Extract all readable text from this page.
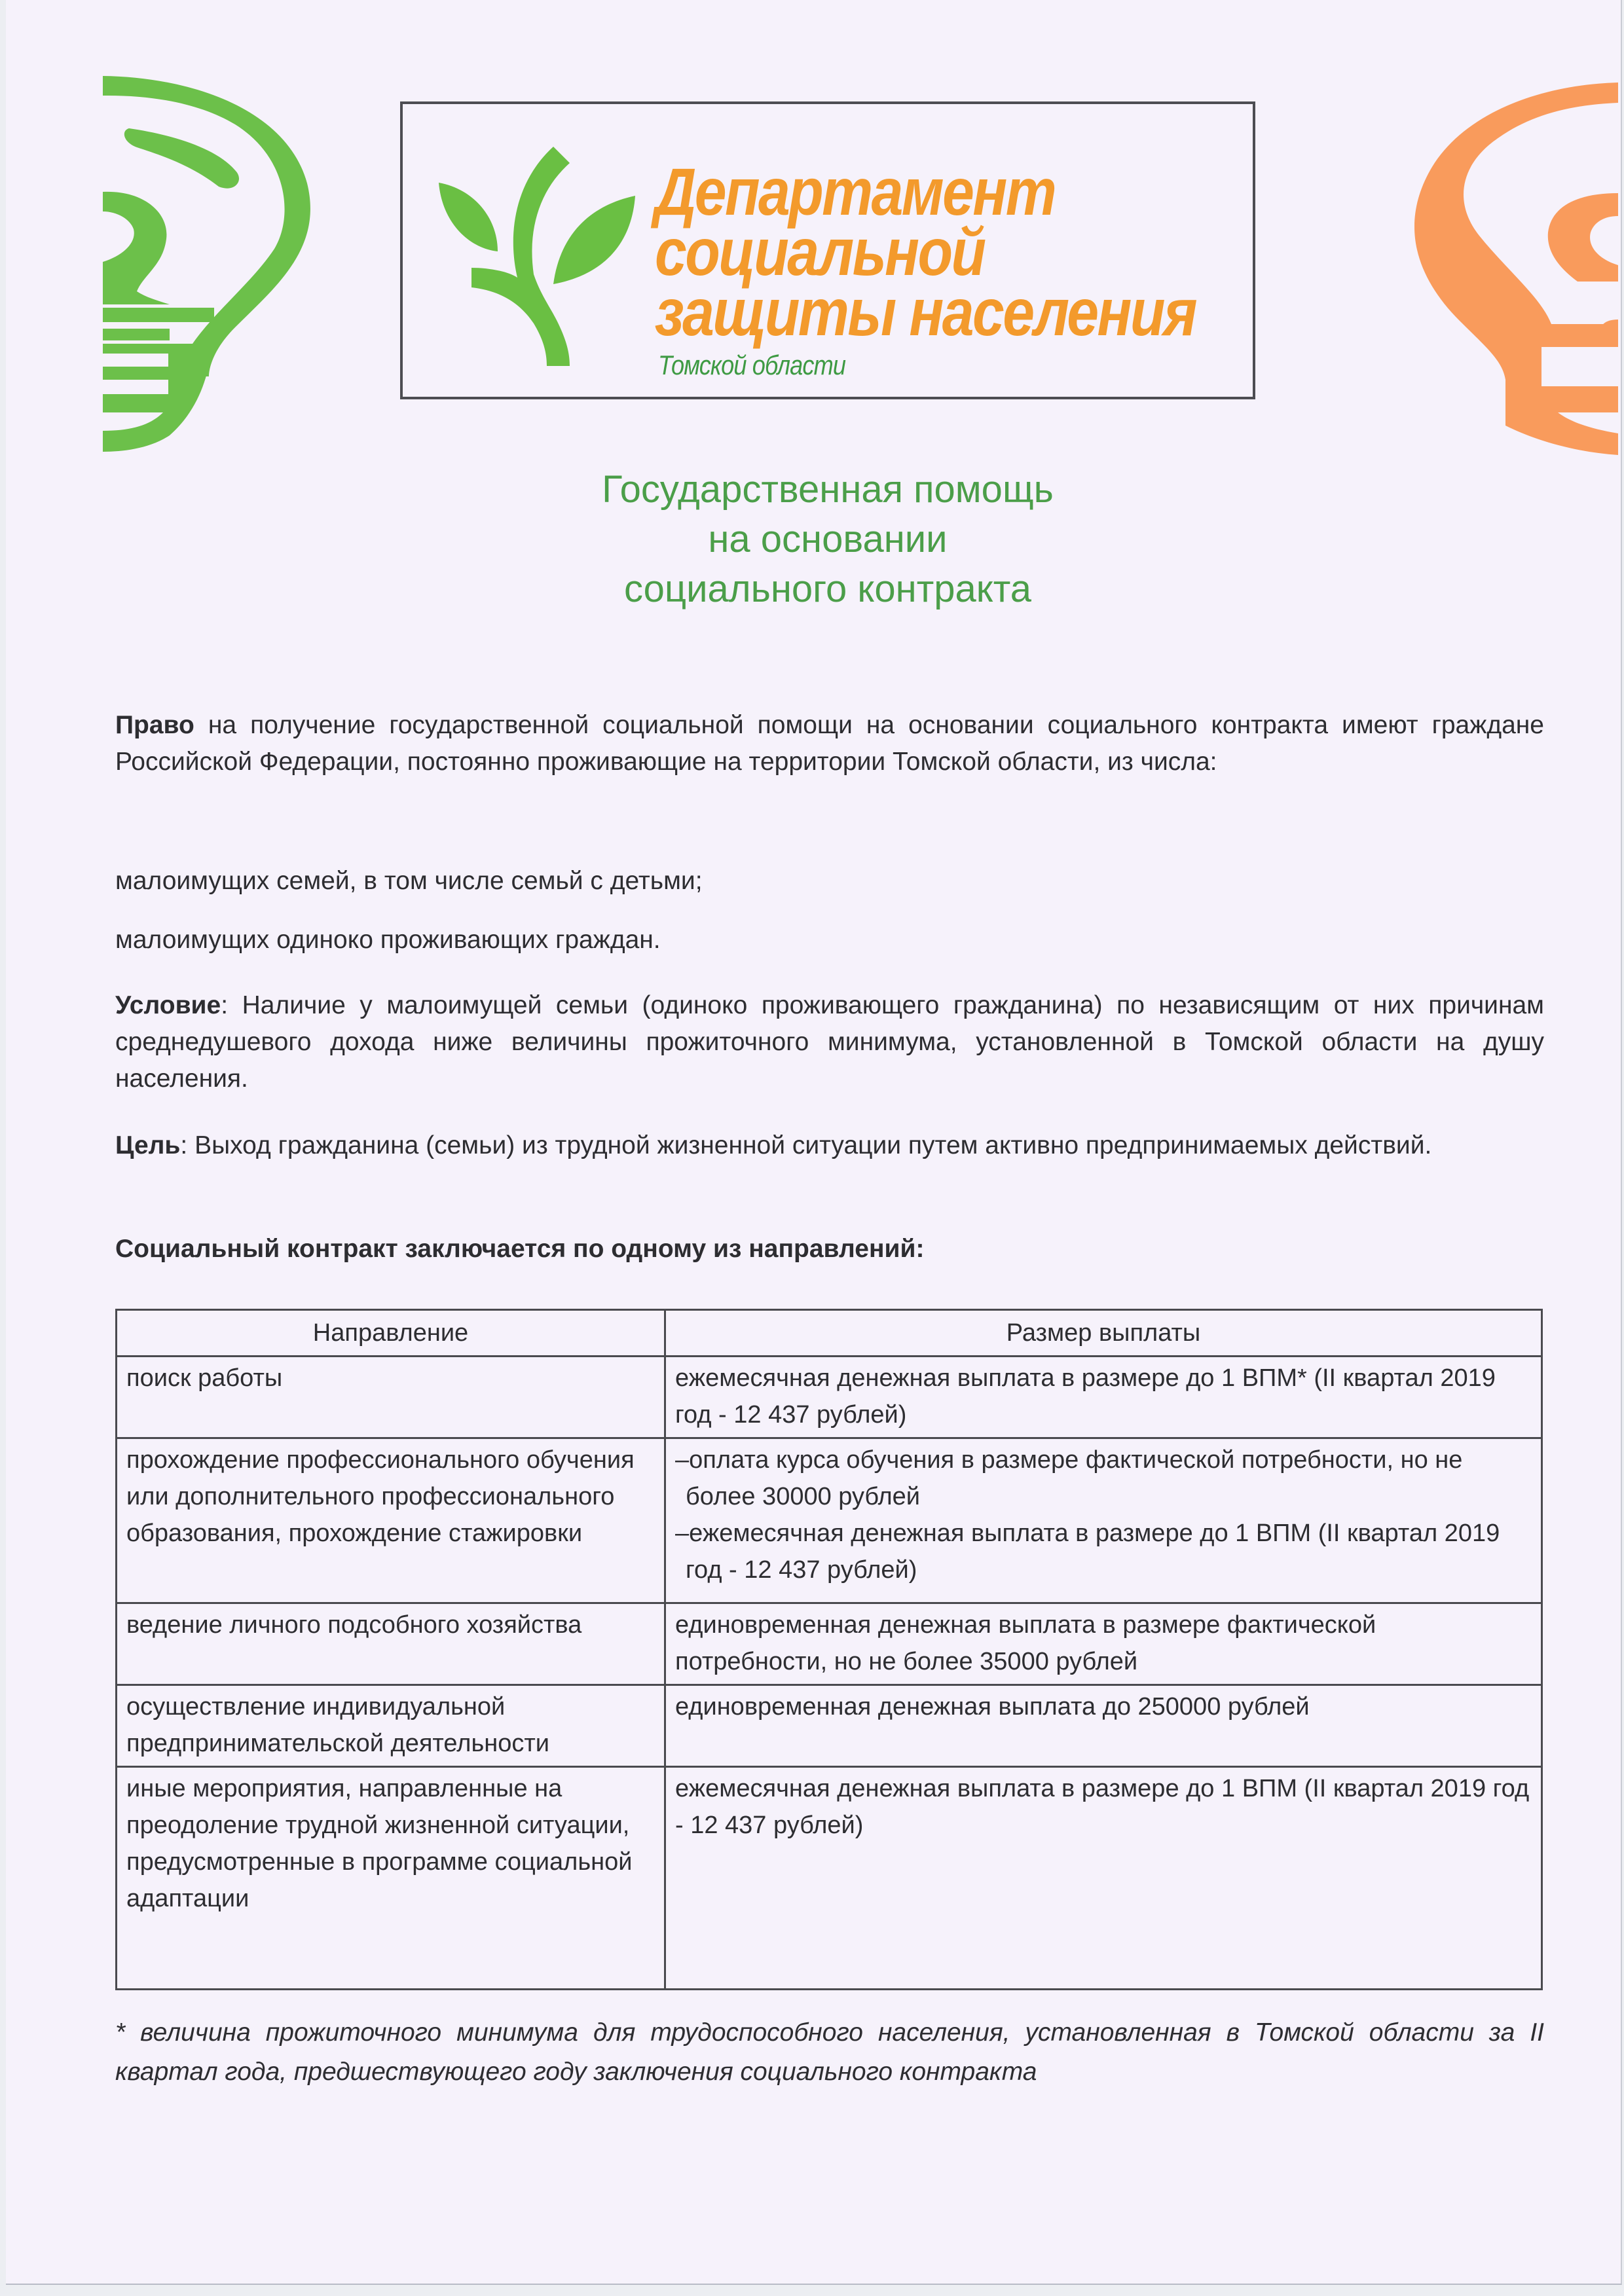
Департамент
социальной
защиты населения
Томской области
Государственная помощь
на основании
социального контракта
Право на получение государственной социальной помощи на основании социального контракта имеют граждане Российской Федерации, постоянно проживающие на территории Томской области, из числа:
малоимущих семей, в том числе семьй с детьми;
малоимущих одиноко проживающих граждан.
Условие: Наличие у малоимущей семьи (одиноко проживающего гражданина) по независящим от них причинам среднедушевого дохода ниже величины прожиточного минимума, установленной в Томской области на душу населения.
Цель: Выход гражданина (семьи) из трудной жизненной ситуации путем активно предпринимаемых действий.
Социальный контракт заключается по одному из направлений:
Направление	Размер выплаты
поиск работы	ежемесячная денежная выплата в размере до 1 ВПМ* (II квартал 2019 год - 12 437 рублей)
прохождение профессионального обучения или дополнительного профессионального образования, прохождение стажировки	–оплата курса обучения в размере фактической потребности, но не более 30000 рублей
–ежемесячная денежная выплата в размере до 1 ВПМ (II квартал 2019 год - 12 437 рублей)

ведение личного подсобного хозяйства	единовременная денежная выплата в размере фактической потребности, но не более 35000 рублей
осуществление индивидуальной предпринимательской деятельности	единовременная денежная выплата до 250000 рублей
иные мероприятия, направленные на преодоление трудной жизненной ситуации, предусмотренные в программе социальной адаптации	ежемесячная денежная выплата в размере до 1 ВПМ (II квартал 2019 год - 12 437 рублей)
* величина прожиточного минимума для трудоспособного населения, установленная в Томской области за II квартал года, предшествующего году заключения социального контракта
